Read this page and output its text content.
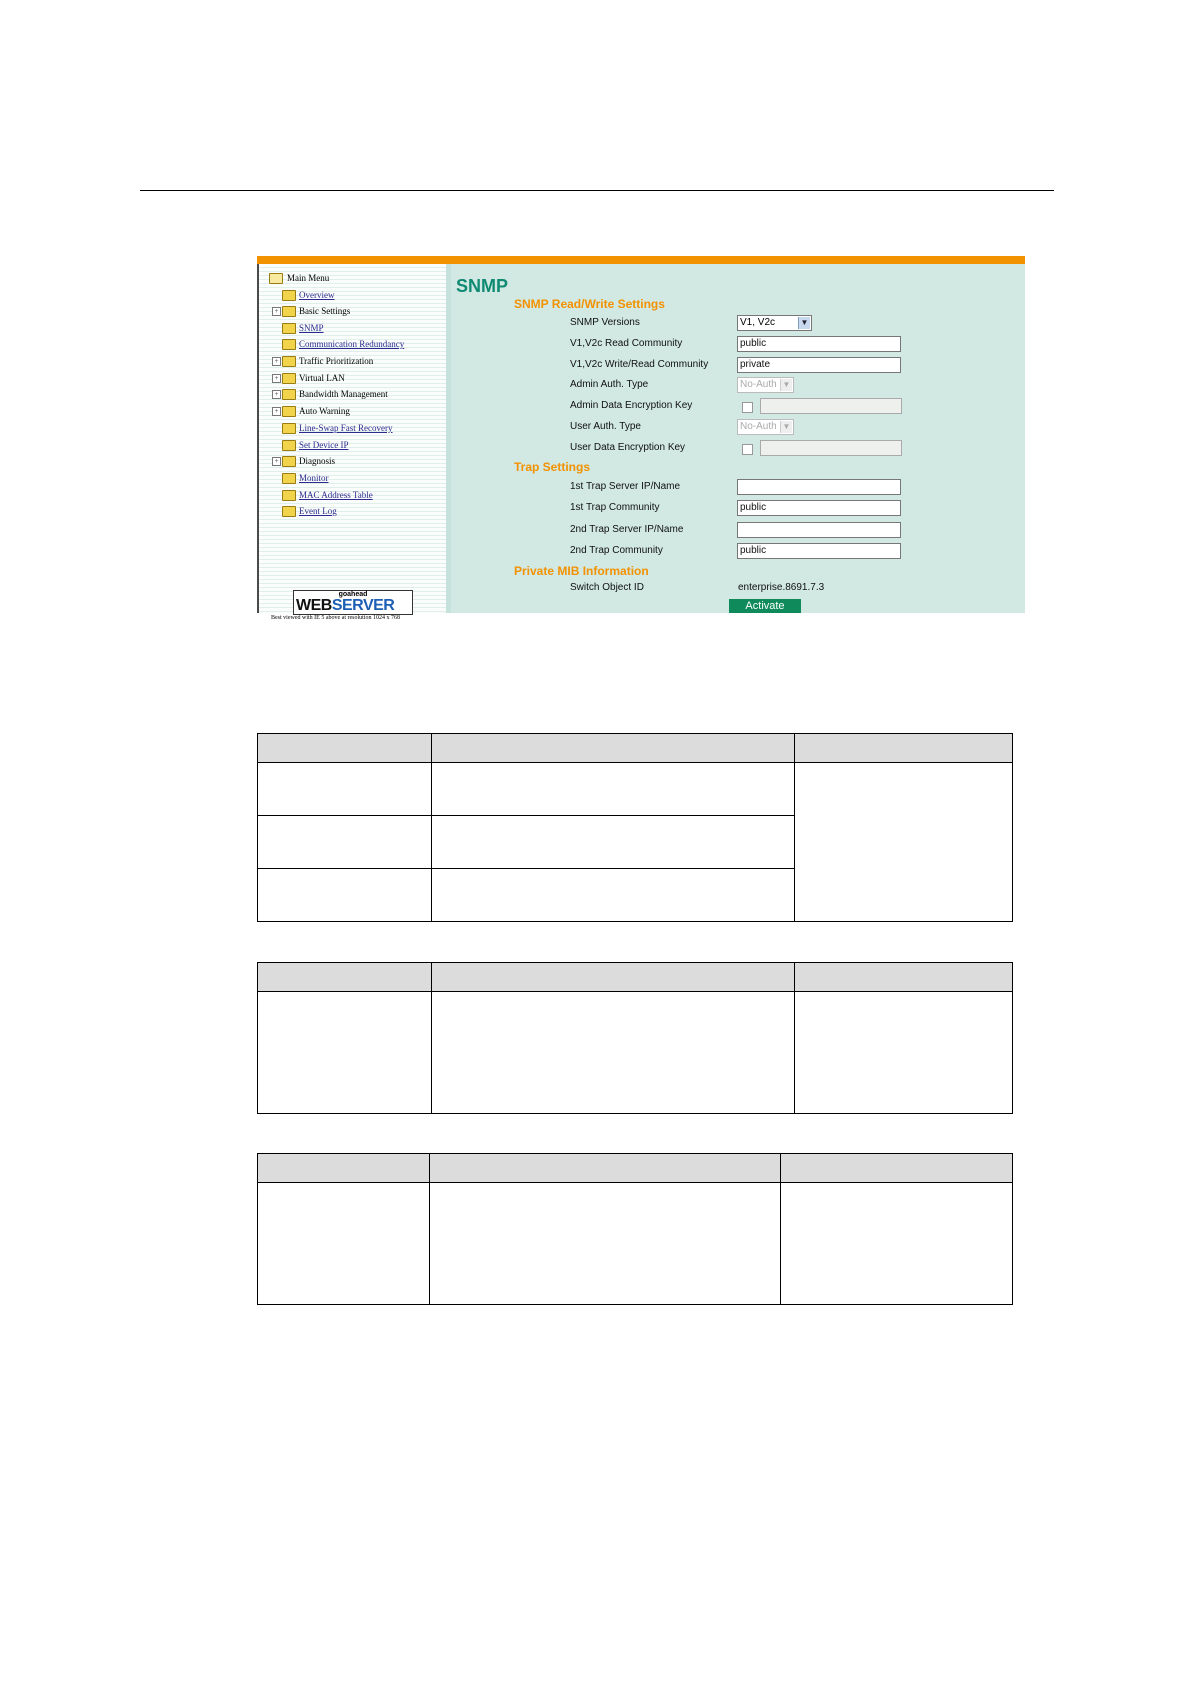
Main Menu
Overview
+ Basic Settings
SNMP
Communication Redundancy
+ Traffic Prioritization
+ Virtual LAN
+ Bandwidth Management
+ Auto Warning
Line-Swap Fast Recovery
Set Device IP
+ Diagnosis
Monitor
MAC Address Table
Event Log
goahead
WEBSERVER
Best viewed with IE 5 above at resolution 1024 x 768
SNMP
SNMP Read/Write Settings
SNMP Versions	V1, V2c	▼
V1,V2c Read Community	public
V1,V2c Write/Read Community	private
Admin Auth. Type	No-Auth ▼
Admin Data Encryption Key
User Auth. Type	No-Auth ▼
User Data Encryption Key
Trap Settings
1st Trap Server IP/Name
1st Trap Community	public
2nd Trap Server IP/Name
2nd Trap Community	public
Private MIB Information
Switch Object ID	enterprise.8691.7.3
Activate
